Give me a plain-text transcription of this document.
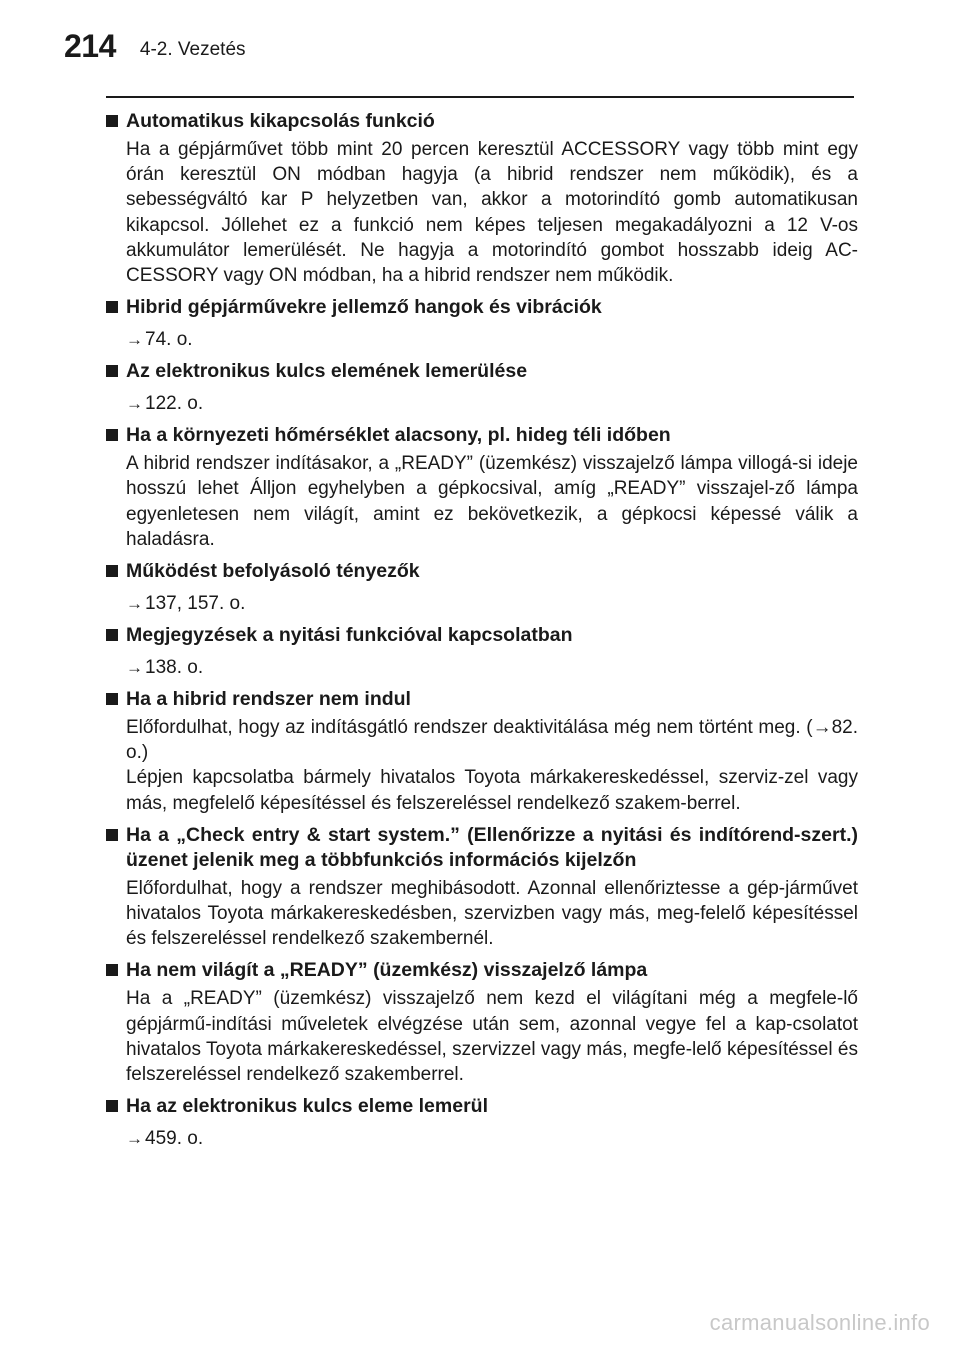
214 4-2. Vezetés
Automatikus kikapcsolás funkció
Ha a gépjárművet több mint 20 percen keresztül ACCESSORY vagy több mint egy órán keresztül ON módban hagyja (a hibrid rendszer nem működik), és a sebességváltó kar P helyzetben van, akkor a motorindító gomb automatikusan kikapcsol. Jóllehet ez a funkció nem képes teljesen megakadályozni a 12 V-os akkumulátor lemerülését. Ne hagyja a motorindító gombot hosszabb ideig AC-CESSORY vagy ON módban, ha a hibrid rendszer nem működik.
Hibrid gépjárművekre jellemző hangok és vibrációk
→ 74. o.
Az elektronikus kulcs elemének lemerülése
→ 122. o.
Ha a környezeti hőmérséklet alacsony, pl. hideg téli időben
A hibrid rendszer indításakor, a „READY” (üzemkész) visszajelző lámpa villogá-si ideje hosszú lehet Álljon egyhelyben a gépkocsival, amíg „READY” visszajel-ző lámpa egyenletesen nem világít, amint ez bekövetkezik, a gépkocsi képessé válik a haladásra.
Működést befolyásoló tényezők
→ 137, 157. o.
Megjegyzések a nyitási funkcióval kapcsolatban
→ 138. o.
Ha a hibrid rendszer nem indul
Előfordulhat, hogy az indításgátló rendszer deaktivitálása még nem történt meg. (→82. o.)
Lépjen kapcsolatba bármely hivatalos Toyota márkakereskedéssel, szerviz-zel vagy más, megfelelő képesítéssel és felszereléssel rendelkező szakem-berrel.
Ha a „Check entry & start system.” (Ellenőrizze a nyitási és indítórend-szert.) üzenet jelenik meg a többfunkciós információs kijelzőn
Előfordulhat, hogy a rendszer meghibásodott. Azonnal ellenőriztesse a gép-járművet hivatalos Toyota márkakereskedésben, szervizben vagy más, meg-felelő képesítéssel és felszereléssel rendelkező szakembernél.
Ha nem világít a „READY” (üzemkész) visszajelző lámpa
Ha a „READY” (üzemkész) visszajelző nem kezd el világítani még a megfele-lő gépjármű-indítási műveletek elvégzése után sem, azonnal vegye fel a kap-csolatot hivatalos Toyota márkakereskedéssel, szervizzel vagy más, megfe-lelő képesítéssel és felszereléssel rendelkező szakemberrel.
Ha az elektronikus kulcs eleme lemerül
→ 459. o.
carmanualsonline.info
